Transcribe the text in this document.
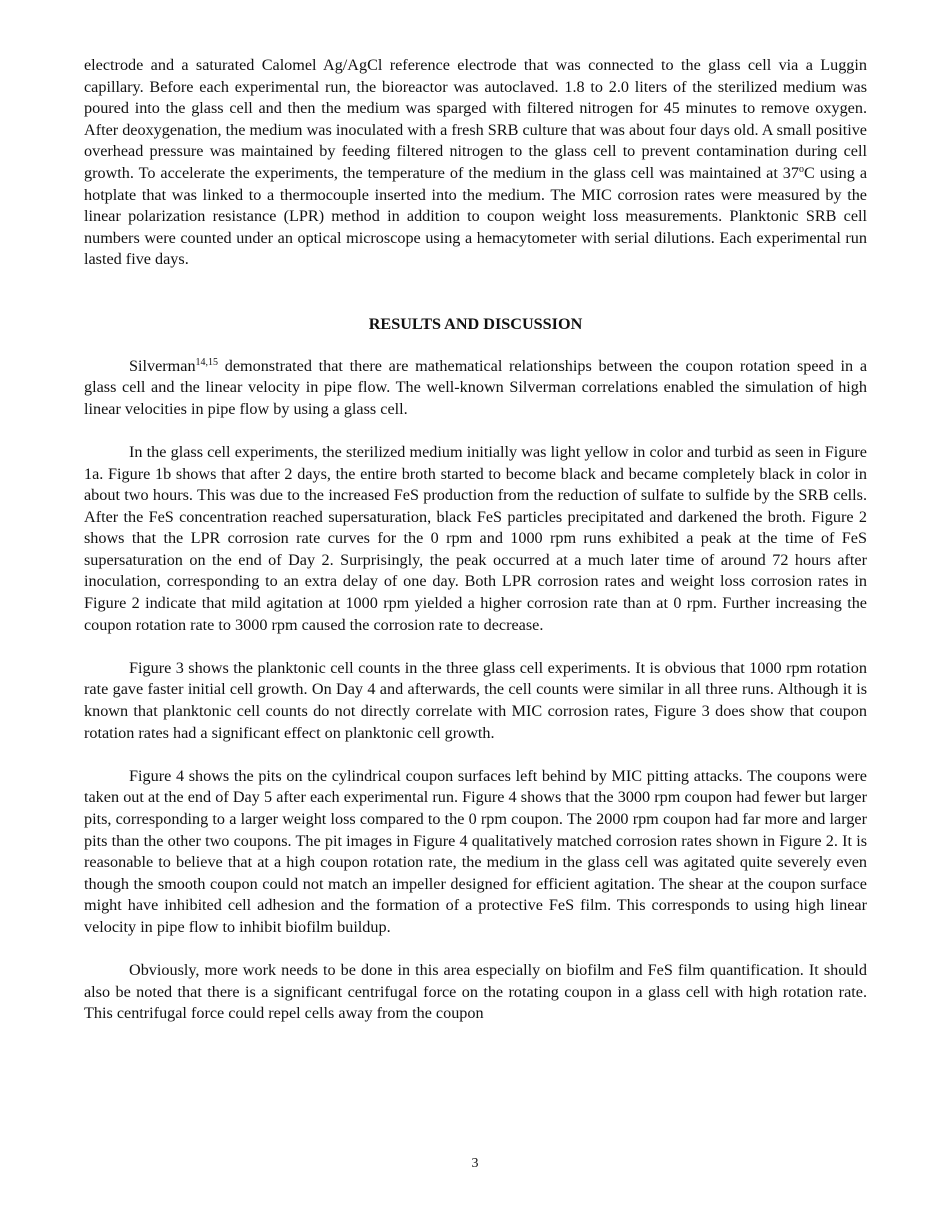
electrode and a saturated Calomel Ag/AgCl reference electrode that was connected to the glass cell via a Luggin capillary. Before each experimental run, the bioreactor was autoclaved. 1.8 to 2.0 liters of the sterilized medium was poured into the glass cell and then the medium was sparged with filtered nitrogen for 45 minutes to remove oxygen. After deoxygenation, the medium was inoculated with a fresh SRB culture that was about four days old. A small positive overhead pressure was maintained by feeding filtered nitrogen to the glass cell to prevent contamination during cell growth. To accelerate the experiments, the temperature of the medium in the glass cell was maintained at 37$^o$C using a hotplate that was linked to a thermocouple inserted into the medium. The MIC corrosion rates were measured by the linear polarization resistance (LPR) method in addition to coupon weight loss measurements. Planktonic SRB cell numbers were counted under an optical microscope using a hemacytometer with serial dilutions. Each experimental run lasted five days.

RESULTS AND DISCUSSION

Silverman$^{14,15}$ demonstrated that there are mathematical relationships between the coupon rotation speed in a glass cell and the linear velocity in pipe flow. The well-known Silverman correlations enabled the simulation of high linear velocities in pipe flow by using a glass cell.

In the glass cell experiments, the sterilized medium initially was light yellow in color and turbid as seen in Figure 1a. Figure 1b shows that after 2 days, the entire broth started to become black and became completely black in color in about two hours. This was due to the increased FeS production from the reduction of sulfate to sulfide by the SRB cells. After the FeS concentration reached supersaturation, black FeS particles precipitated and darkened the broth. Figure 2 shows that the LPR corrosion rate curves for the 0 rpm and 1000 rpm runs exhibited a peak at the time of FeS supersaturation on the end of Day 2. Surprisingly, the peak occurred at a much later time of around 72 hours after inoculation, corresponding to an extra delay of one day. Both LPR corrosion rates and weight loss corrosion rates in Figure 2 indicate that mild agitation at 1000 rpm yielded a higher corrosion rate than at 0 rpm. Further increasing the coupon rotation rate to 3000 rpm caused the corrosion rate to decrease.

Figure 3 shows the planktonic cell counts in the three glass cell experiments. It is obvious that 1000 rpm rotation rate gave faster initial cell growth. On Day 4 and afterwards, the cell counts were similar in all three runs. Although it is known that planktonic cell counts do not directly correlate with MIC corrosion rates, Figure 3 does show that coupon rotation rates had a significant effect on planktonic cell growth.

Figure 4 shows the pits on the cylindrical coupon surfaces left behind by MIC pitting attacks. The coupons were taken out at the end of Day 5 after each experimental run. Figure 4 shows that the 3000 rpm coupon had fewer but larger pits, corresponding to a larger weight loss compared to the 0 rpm coupon. The 2000 rpm coupon had far more and larger pits than the other two coupons. The pit images in Figure 4 qualitatively matched corrosion rates shown in Figure 2. It is reasonable to believe that at a high coupon rotation rate, the medium in the glass cell was agitated quite severely even though the smooth coupon could not match an impeller designed for efficient agitation. The shear at the coupon surface might have inhibited cell adhesion and the formation of a protective FeS film. This corresponds to using high linear velocity in pipe flow to inhibit biofilm buildup.

Obviously, more work needs to be done in this area especially on biofilm and FeS film quantification. It should also be noted that there is a significant centrifugal force on the rotating coupon in a glass cell with high rotation rate. This centrifugal force could repel cells away from the coupon

3
